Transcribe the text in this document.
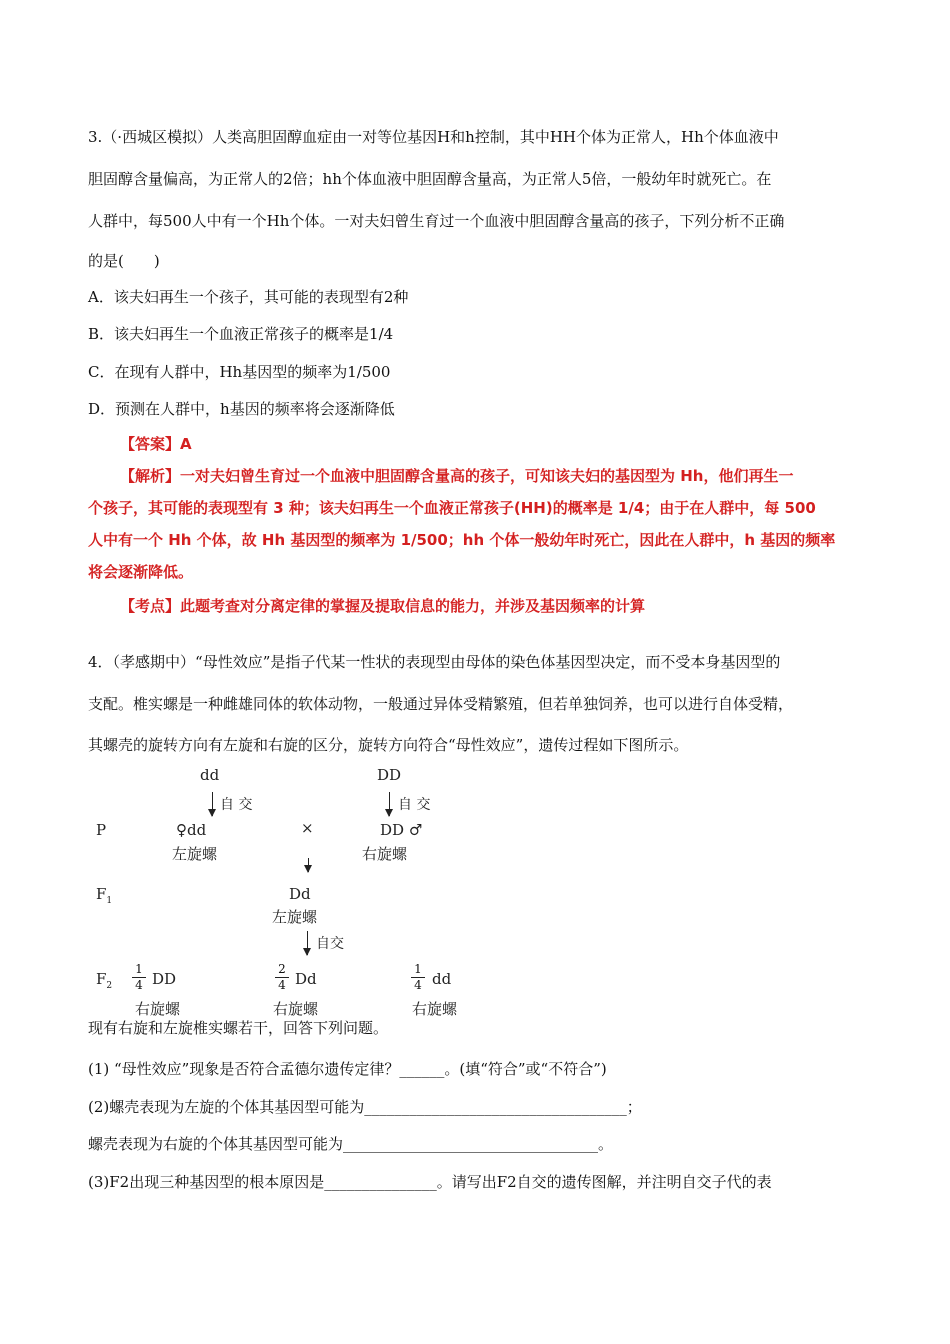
3.（·西城区模拟）人类高胆固醇血症由一对等位基因H和h控制，其中HH个体为正常人，Hh个体血液中
胆固醇含量偏高，为正常人的2倍；hh个体血液中胆固醇含量高，为正常人5倍，一般幼年时就死亡。在
人群中，每500人中有一个Hh个体。一对夫妇曾生育过一个血液中胆固醇含量高的孩子，下列分析不正确
的是(　　)
A．该夫妇再生一个孩子，其可能的表现型有2种
B．该夫妇再生一个血液正常孩子的概率是1/4
C．在现有人群中，Hh基因型的频率为1/500
D．预测在人群中，h基因的频率将会逐渐降低
【答案】A
【解析】一对夫妇曾生育过一个血液中胆固醇含量高的孩子，可知该夫妇的基因型为 Hh，他们再生一
个孩子，其可能的表现型有 3 种；该夫妇再生一个血液正常孩子(HH)的概率是 1/4；由于在人群中，每 500
人中有一个 Hh 个体，故 Hh 基因型的频率为 1/500；hh 个体一般幼年时死亡，因此在人群中，h 基因的频率
将会逐渐降低。
【考点】此题考查对分离定律的掌握及提取信息的能力，并涉及基因频率的计算
4．（孝感期中）“母性效应”是指子代某一性状的表现型由母体的染色体基因型决定，而不受本身基因型的
支配。椎实螺是一种雌雄同体的软体动物，一般通过异体受精繁殖，但若单独饲养，也可以进行自体受精，
其螺壳的旋转方向有左旋和右旋的区分，旋转方向符合“母性效应”，遗传过程如下图所示。
dd	DD
自 交	自 交
P	♀dd	×	DD ♂
左旋螺	右旋螺
$F_1$	Dd
左旋螺
自交
$F_2$
1
4 DD
2
4 Dd
1
4 dd
右旋螺	右旋螺	右旋螺
现有右旋和左旋椎实螺若干，回答下列问题。
(1) “母性效应”现象是否符合孟德尔遗传定律？______。(填“符合”或“不符合”)
(2)螺壳表现为左旋的个体其基因型可能为___________________________________；
螺壳表现为右旋的个体其基因型可能为__________________________________。
(3)F2出现三种基因型的根本原因是_______________。请写出F2自交的遗传图解，并注明自交子代的表
